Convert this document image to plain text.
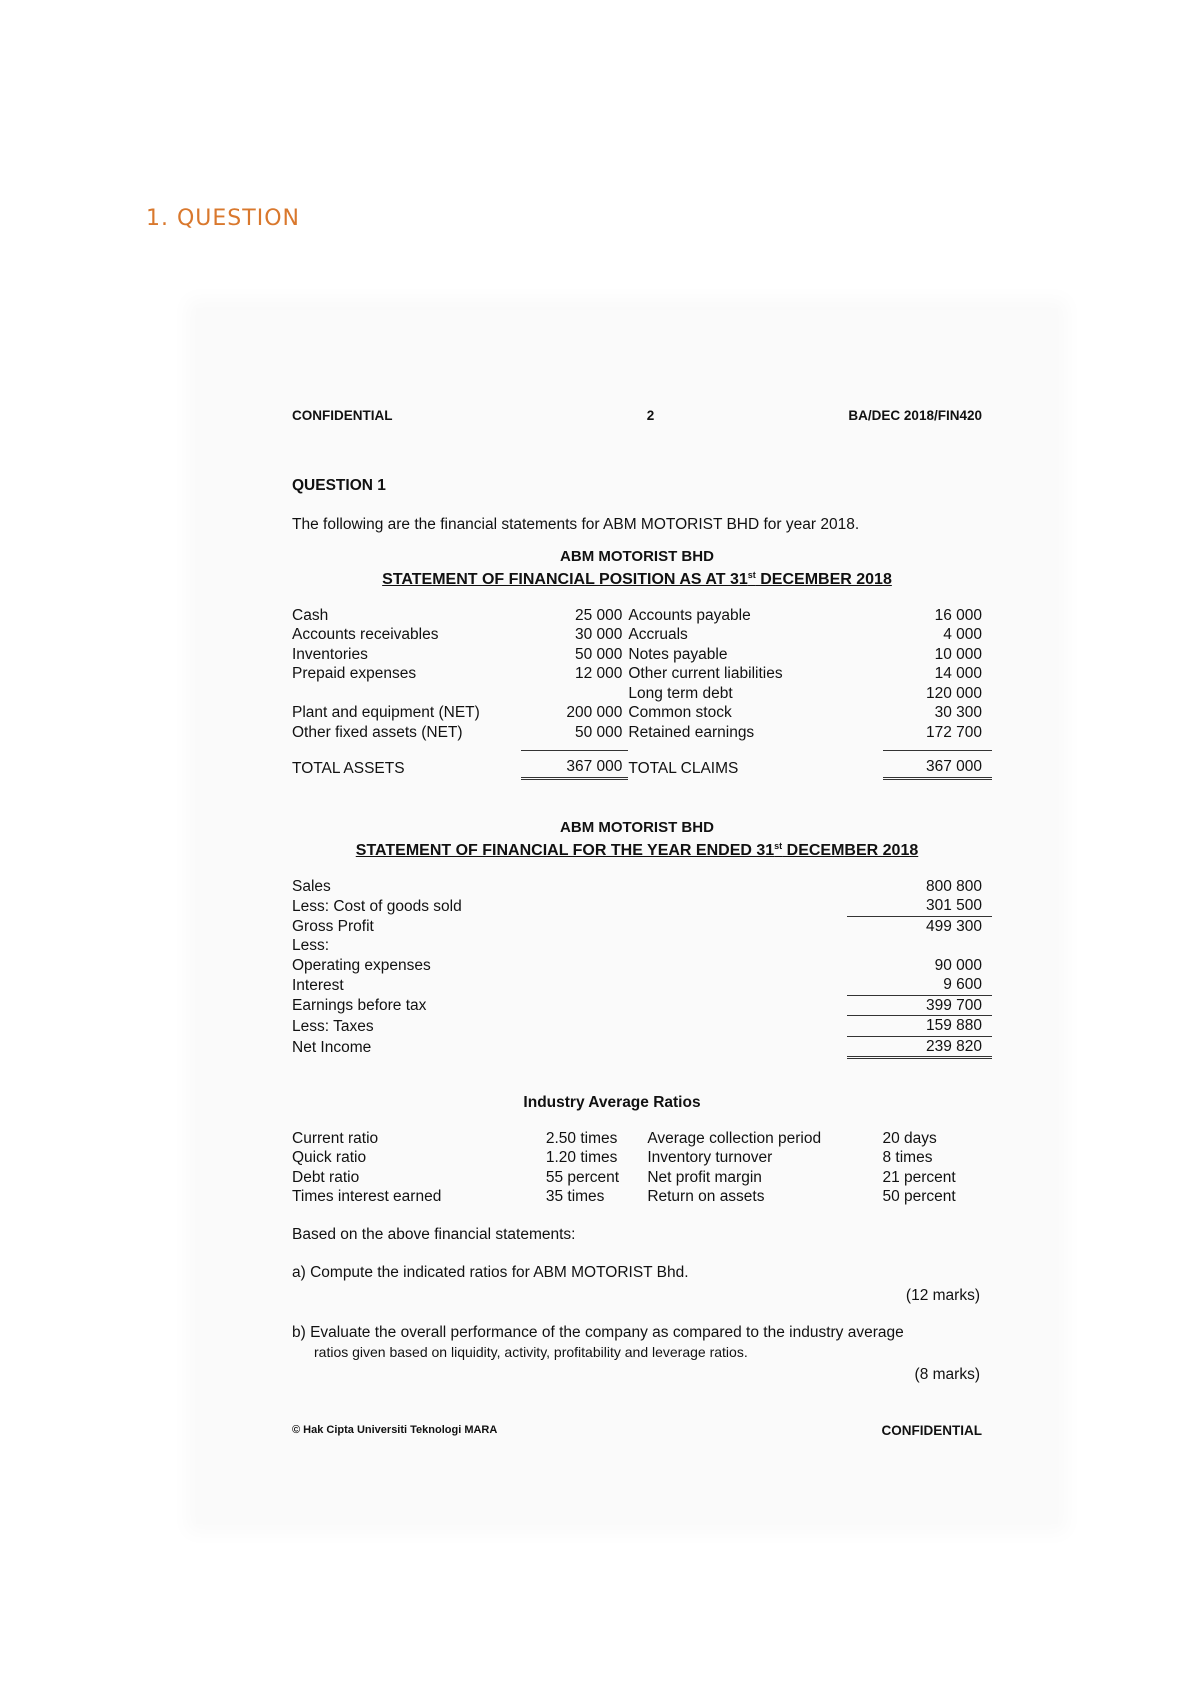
1. QUESTION
CONFIDENTIAL	2	BA/DEC 2018/FIN420
QUESTION 1
The following are the financial statements for ABM MOTORIST BHD for year 2018.
ABM MOTORIST BHD
STATEMENT OF FINANCIAL POSITION AS AT 31st DECEMBER 2018
Cash	25 000	Accounts payable	16 000
Accounts receivables	30 000	Accruals	4 000
Inventories	50 000	Notes payable	10 000
Prepaid expenses	12 000	Other current liabilities	14 000
		Long term debt	120 000
Plant and equipment (NET)	200 000	Common stock	30 300
Other fixed assets (NET)	50 000	Retained earnings	172 700

TOTAL ASSETS	367 000	TOTAL CLAIMS	367 000
ABM MOTORIST BHD
STATEMENT OF FINANCIAL FOR THE YEAR ENDED 31st DECEMBER 2018
Sales	800 800
Less: Cost of goods sold	301 500
Gross Profit	499 300
Less:	
Operating expenses	90 000
Interest	9 600
Earnings before tax	399 700
Less: Taxes	159 880
Net Income	239 820
Industry Average Ratios
Current ratio	2.50 times	Average collection period	20 days
Quick ratio	1.20 times	Inventory turnover	8 times
Debt ratio	55 percent	Net profit margin	21 percent
Times interest earned	35 times	Return on assets	50 percent
Based on the above financial statements:
a) Compute the indicated ratios for ABM MOTORIST Bhd.
(12 marks)
b) Evaluate the overall performance of the company as compared to the industry average
ratios given based on liquidity, activity, profitability and leverage ratios.
(8 marks)
© Hak Cipta Universiti Teknologi MARA	CONFIDENTIAL
